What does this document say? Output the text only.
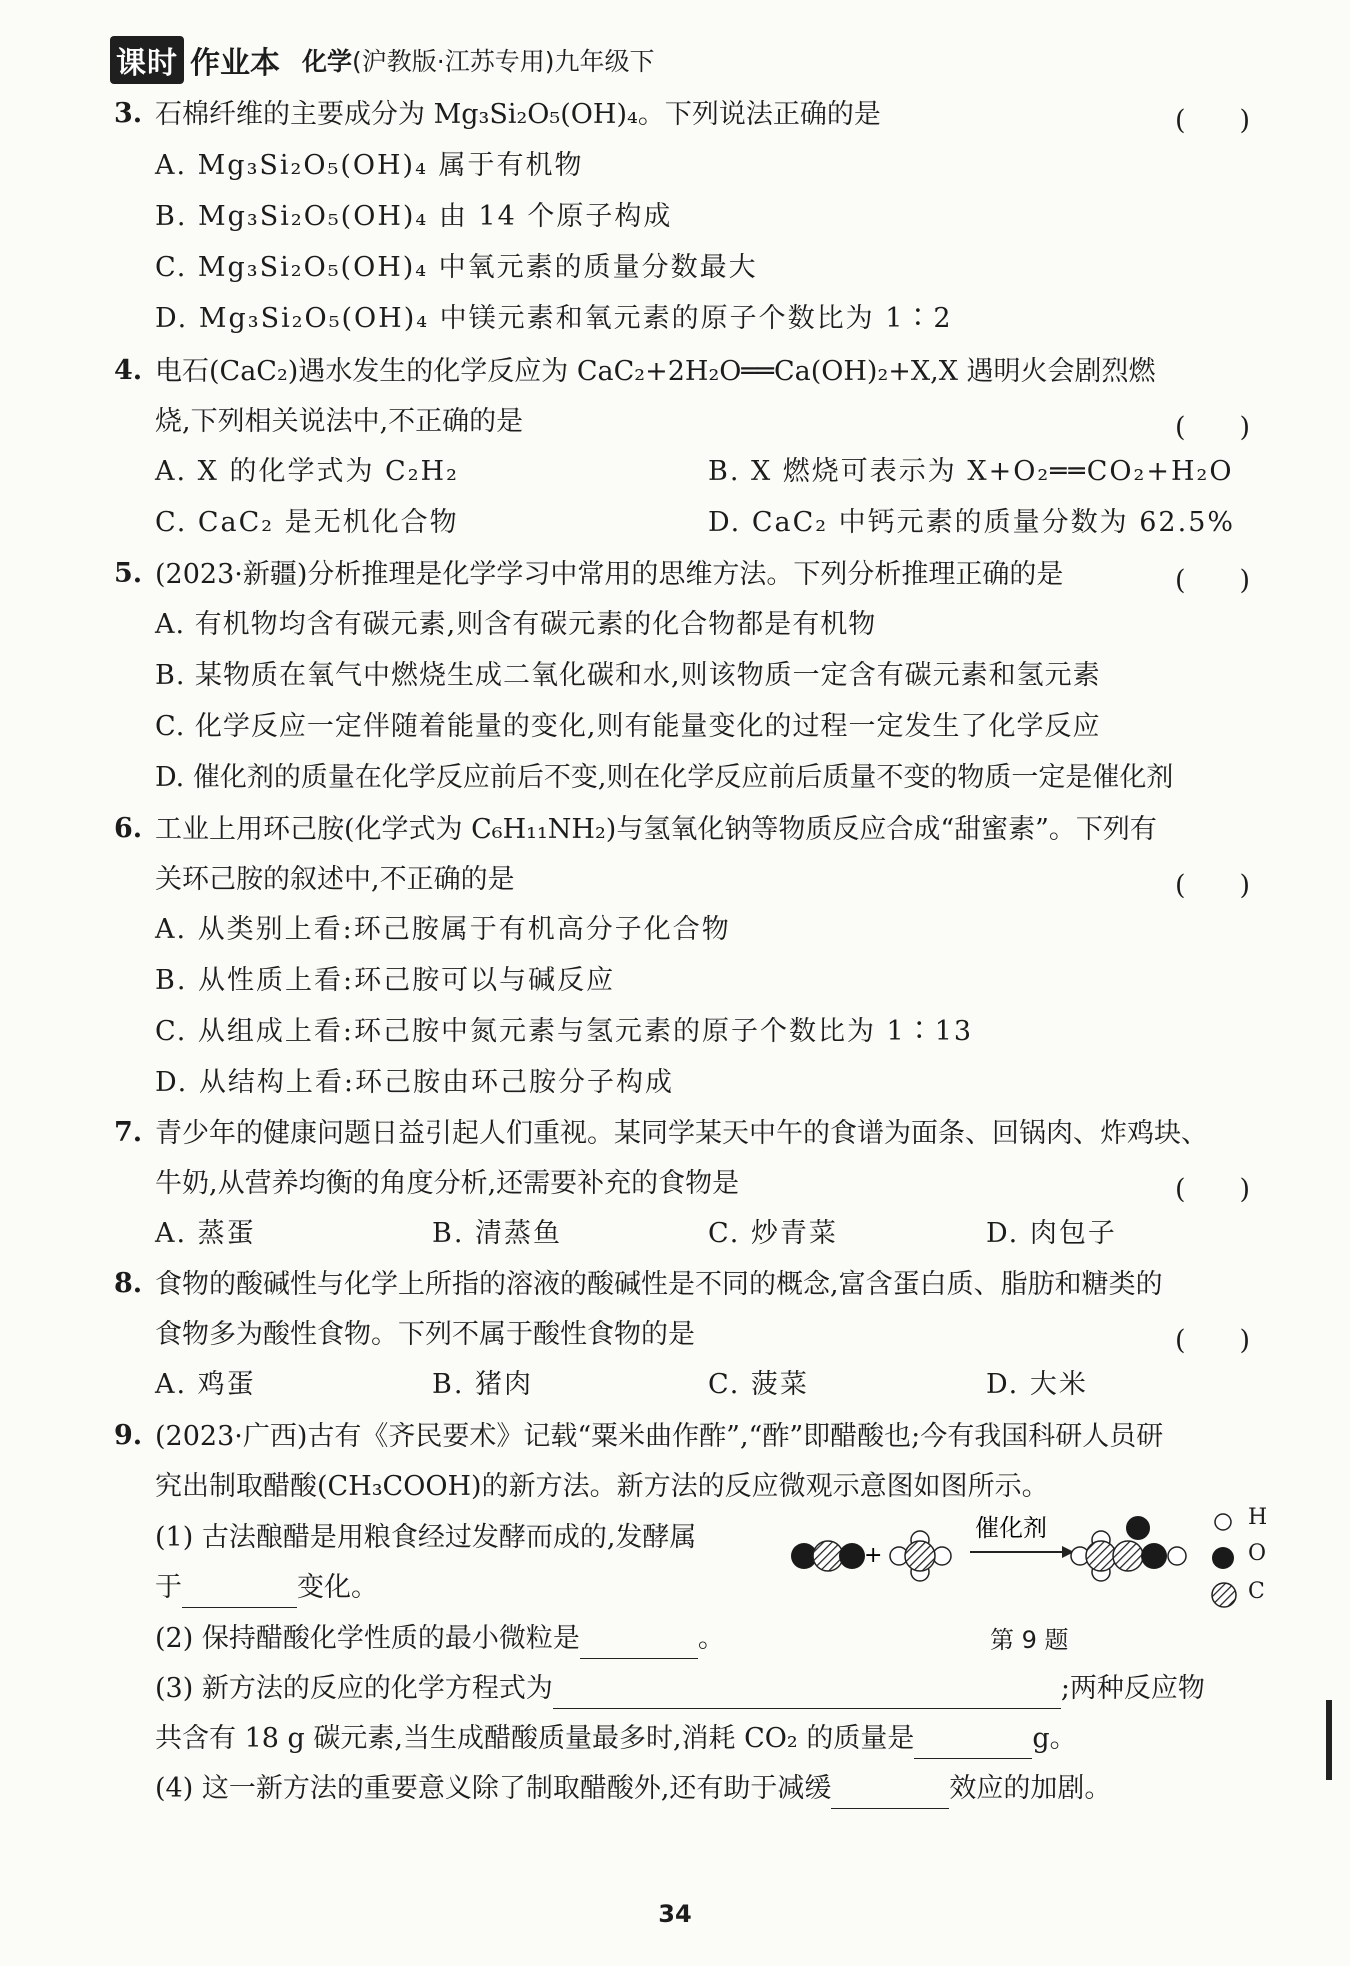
课时 作业本 化学(沪教版·江苏专用)九年级下
3. 石棉纤维的主要成分为 Mg₃Si₂O₅(OH)₄。下列说法正确的是	(　　)
A. Mg₃Si₂O₅(OH)₄ 属于有机物
B. Mg₃Si₂O₅(OH)₄ 由 14 个原子构成
C. Mg₃Si₂O₅(OH)₄ 中氧元素的质量分数最大
D. Mg₃Si₂O₅(OH)₄ 中镁元素和氧元素的原子个数比为 1∶2
4. 电石(CaC₂)遇水发生的化学反应为 CaC₂+2H₂O══Ca(OH)₂+X,X 遇明火会剧烈燃
烧,下列相关说法中,不正确的是	(　　)
A. X 的化学式为 C₂H₂	B. X 燃烧可表示为 X+O₂══CO₂+H₂O
C. CaC₂ 是无机化合物	D. CaC₂ 中钙元素的质量分数为 62.5%
5. (2023·新疆)分析推理是化学学习中常用的思维方法。下列分析推理正确的是	(　　)
A. 有机物均含有碳元素,则含有碳元素的化合物都是有机物
B. 某物质在氧气中燃烧生成二氧化碳和水,则该物质一定含有碳元素和氢元素
C. 化学反应一定伴随着能量的变化,则有能量变化的过程一定发生了化学反应
D. 催化剂的质量在化学反应前后不变,则在化学反应前后质量不变的物质一定是催化剂
6. 工业上用环己胺(化学式为 C₆H₁₁NH₂)与氢氧化钠等物质反应合成“甜蜜素”。下列有
关环己胺的叙述中,不正确的是	(　　)
A. 从类别上看:环己胺属于有机高分子化合物
B. 从性质上看:环己胺可以与碱反应
C. 从组成上看:环己胺中氮元素与氢元素的原子个数比为 1∶13
D. 从结构上看:环己胺由环己胺分子构成
7. 青少年的健康问题日益引起人们重视。某同学某天中午的食谱为面条、回锅肉、炸鸡块、
牛奶,从营养均衡的角度分析,还需要补充的食物是	(　　)
A. 蒸蛋	B. 清蒸鱼	C. 炒青菜	D. 肉包子
8. 食物的酸碱性与化学上所指的溶液的酸碱性是不同的概念,富含蛋白质、脂肪和糖类的
食物多为酸性食物。下列不属于酸性食物的是	(　　)
A. 鸡蛋	B. 猪肉	C. 菠菜	D. 大米
9. (2023·广西)古有《齐民要术》记载“粟米曲作酢”,“酢”即醋酸也;今有我国科研人员研
究出制取醋酸(CH₃COOH)的新方法。新方法的反应微观示意图如图所示。
(1) 古法酿醋是用粮食经过发酵而成的,发酵属
于	变化。
(2) 保持醋酸化学性质的最小微粒是	。
(3) 新方法的反应的化学方程式为	;两种反应物
共含有 18 g 碳元素,当生成醋酸质量最多时,消耗 CO₂ 的质量是	g。
(4) 这一新方法的重要意义除了制取醋酸外,还有助于减缓	效应的加剧。
+
催化剂	H
O
C
第 9 题
34
